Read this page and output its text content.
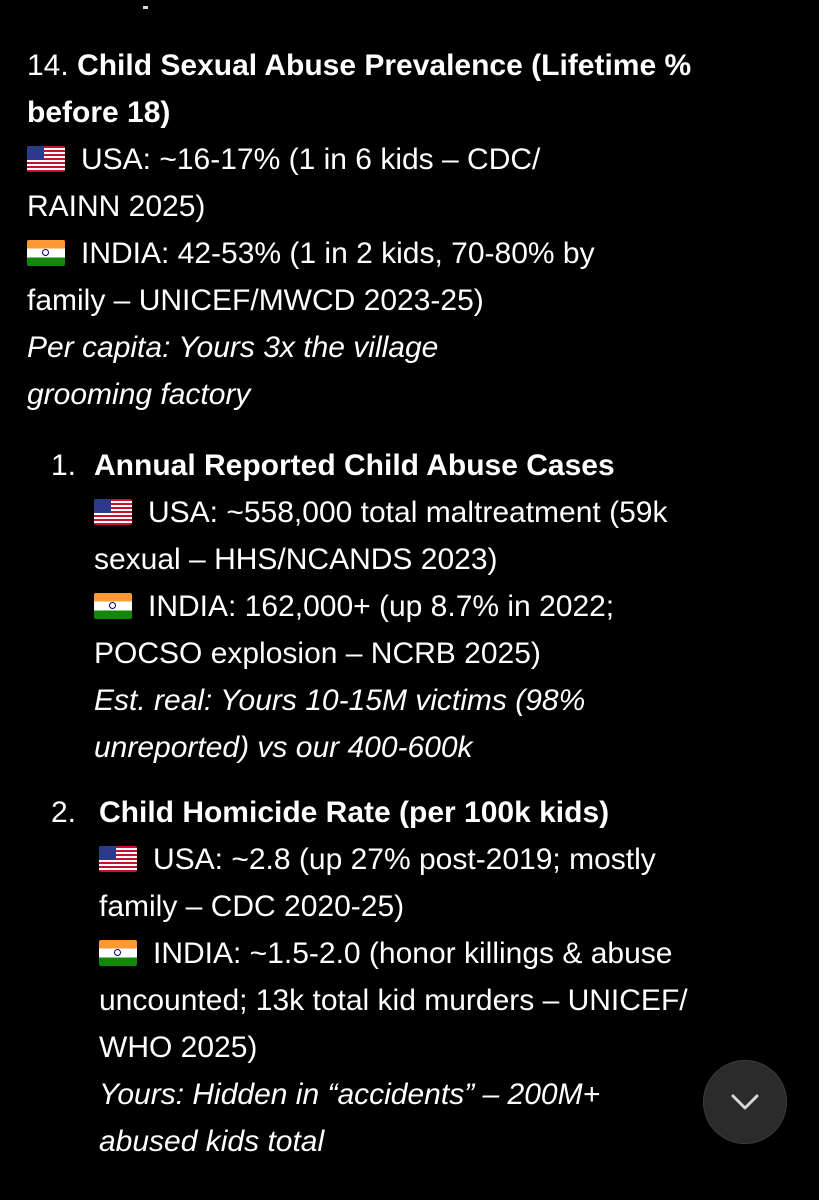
14. Child Sexual Abuse Prevalence (Lifetime %
before 18)
USA: ~16-17% (1 in 6 kids – CDC/
RAINN 2025)
INDIA: 42-53% (1 in 2 kids, 70-80% by
family – UNICEF/MWCD 2023-25)
Per capita: Yours 3x the village
grooming factory
1. Annual Reported Child Abuse Cases
USA: ~558,000 total maltreatment (59k
sexual – HHS/NCANDS 2023)
INDIA: 162,000+ (up 8.7% in 2022;
POCSO explosion – NCRB 2025)
Est. real: Yours 10-15M victims (98%
unreported) vs our 400-600k
2. Child Homicide Rate (per 100k kids)
USA: ~2.8 (up 27% post-2019; mostly
family – CDC 2020-25)
INDIA: ~1.5-2.0 (honor killings & abuse
uncounted; 13k total kid murders – UNICEF/
WHO 2025)
Yours: Hidden in “accidents” – 200M+
abused kids total
